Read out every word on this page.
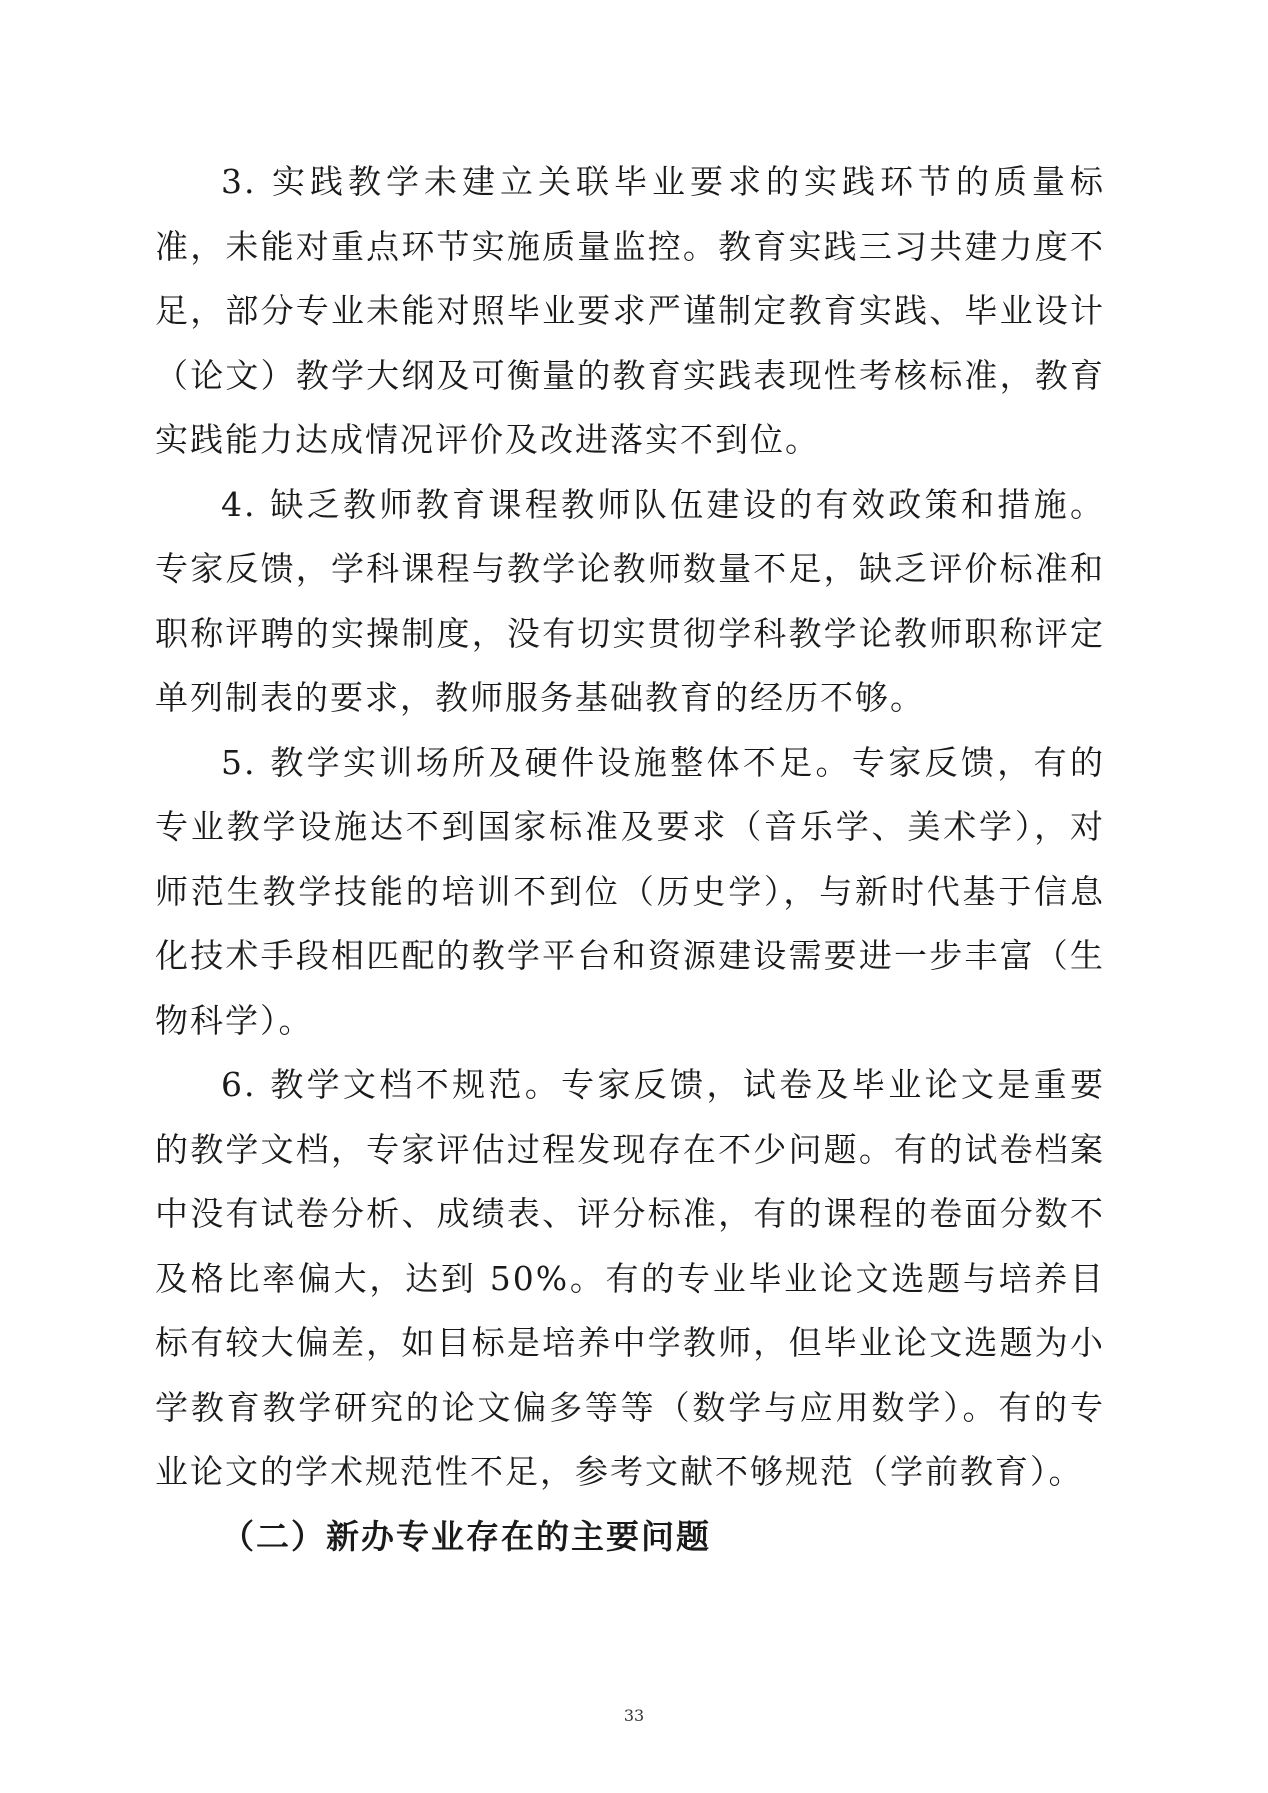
3. 实践教学未建立关联毕业要求的实践环节的质量标准，未能对重点环节实施质量监控。教育实践三习共建力度不足，部分专业未能对照毕业要求严谨制定教育实践、毕业设计（论文）教学大纲及可衡量的教育实践表现性考核标准，教育实践能力达成情况评价及改进落实不到位。

4. 缺乏教师教育课程教师队伍建设的有效政策和措施。专家反馈，学科课程与教学论教师数量不足，缺乏评价标准和职称评聘的实操制度，没有切实贯彻学科教学论教师职称评定单列制表的要求，教师服务基础教育的经历不够。

5. 教学实训场所及硬件设施整体不足。专家反馈，有的专业教学设施达不到国家标准及要求（音乐学、美术学），对师范生教学技能的培训不到位（历史学），与新时代基于信息化技术手段相匹配的教学平台和资源建设需要进一步丰富（生物科学）。

6. 教学文档不规范。专家反馈，试卷及毕业论文是重要的教学文档，专家评估过程发现存在不少问题。有的试卷档案中没有试卷分析、成绩表、评分标准，有的课程的卷面分数不及格比率偏大，达到 50%。有的专业毕业论文选题与培养目标有较大偏差，如目标是培养中学教师，但毕业论文选题为小学教育教学研究的论文偏多等等（数学与应用数学）。有的专业论文的学术规范性不足，参考文献不够规范（学前教育）。

（二）新办专业存在的主要问题

33
